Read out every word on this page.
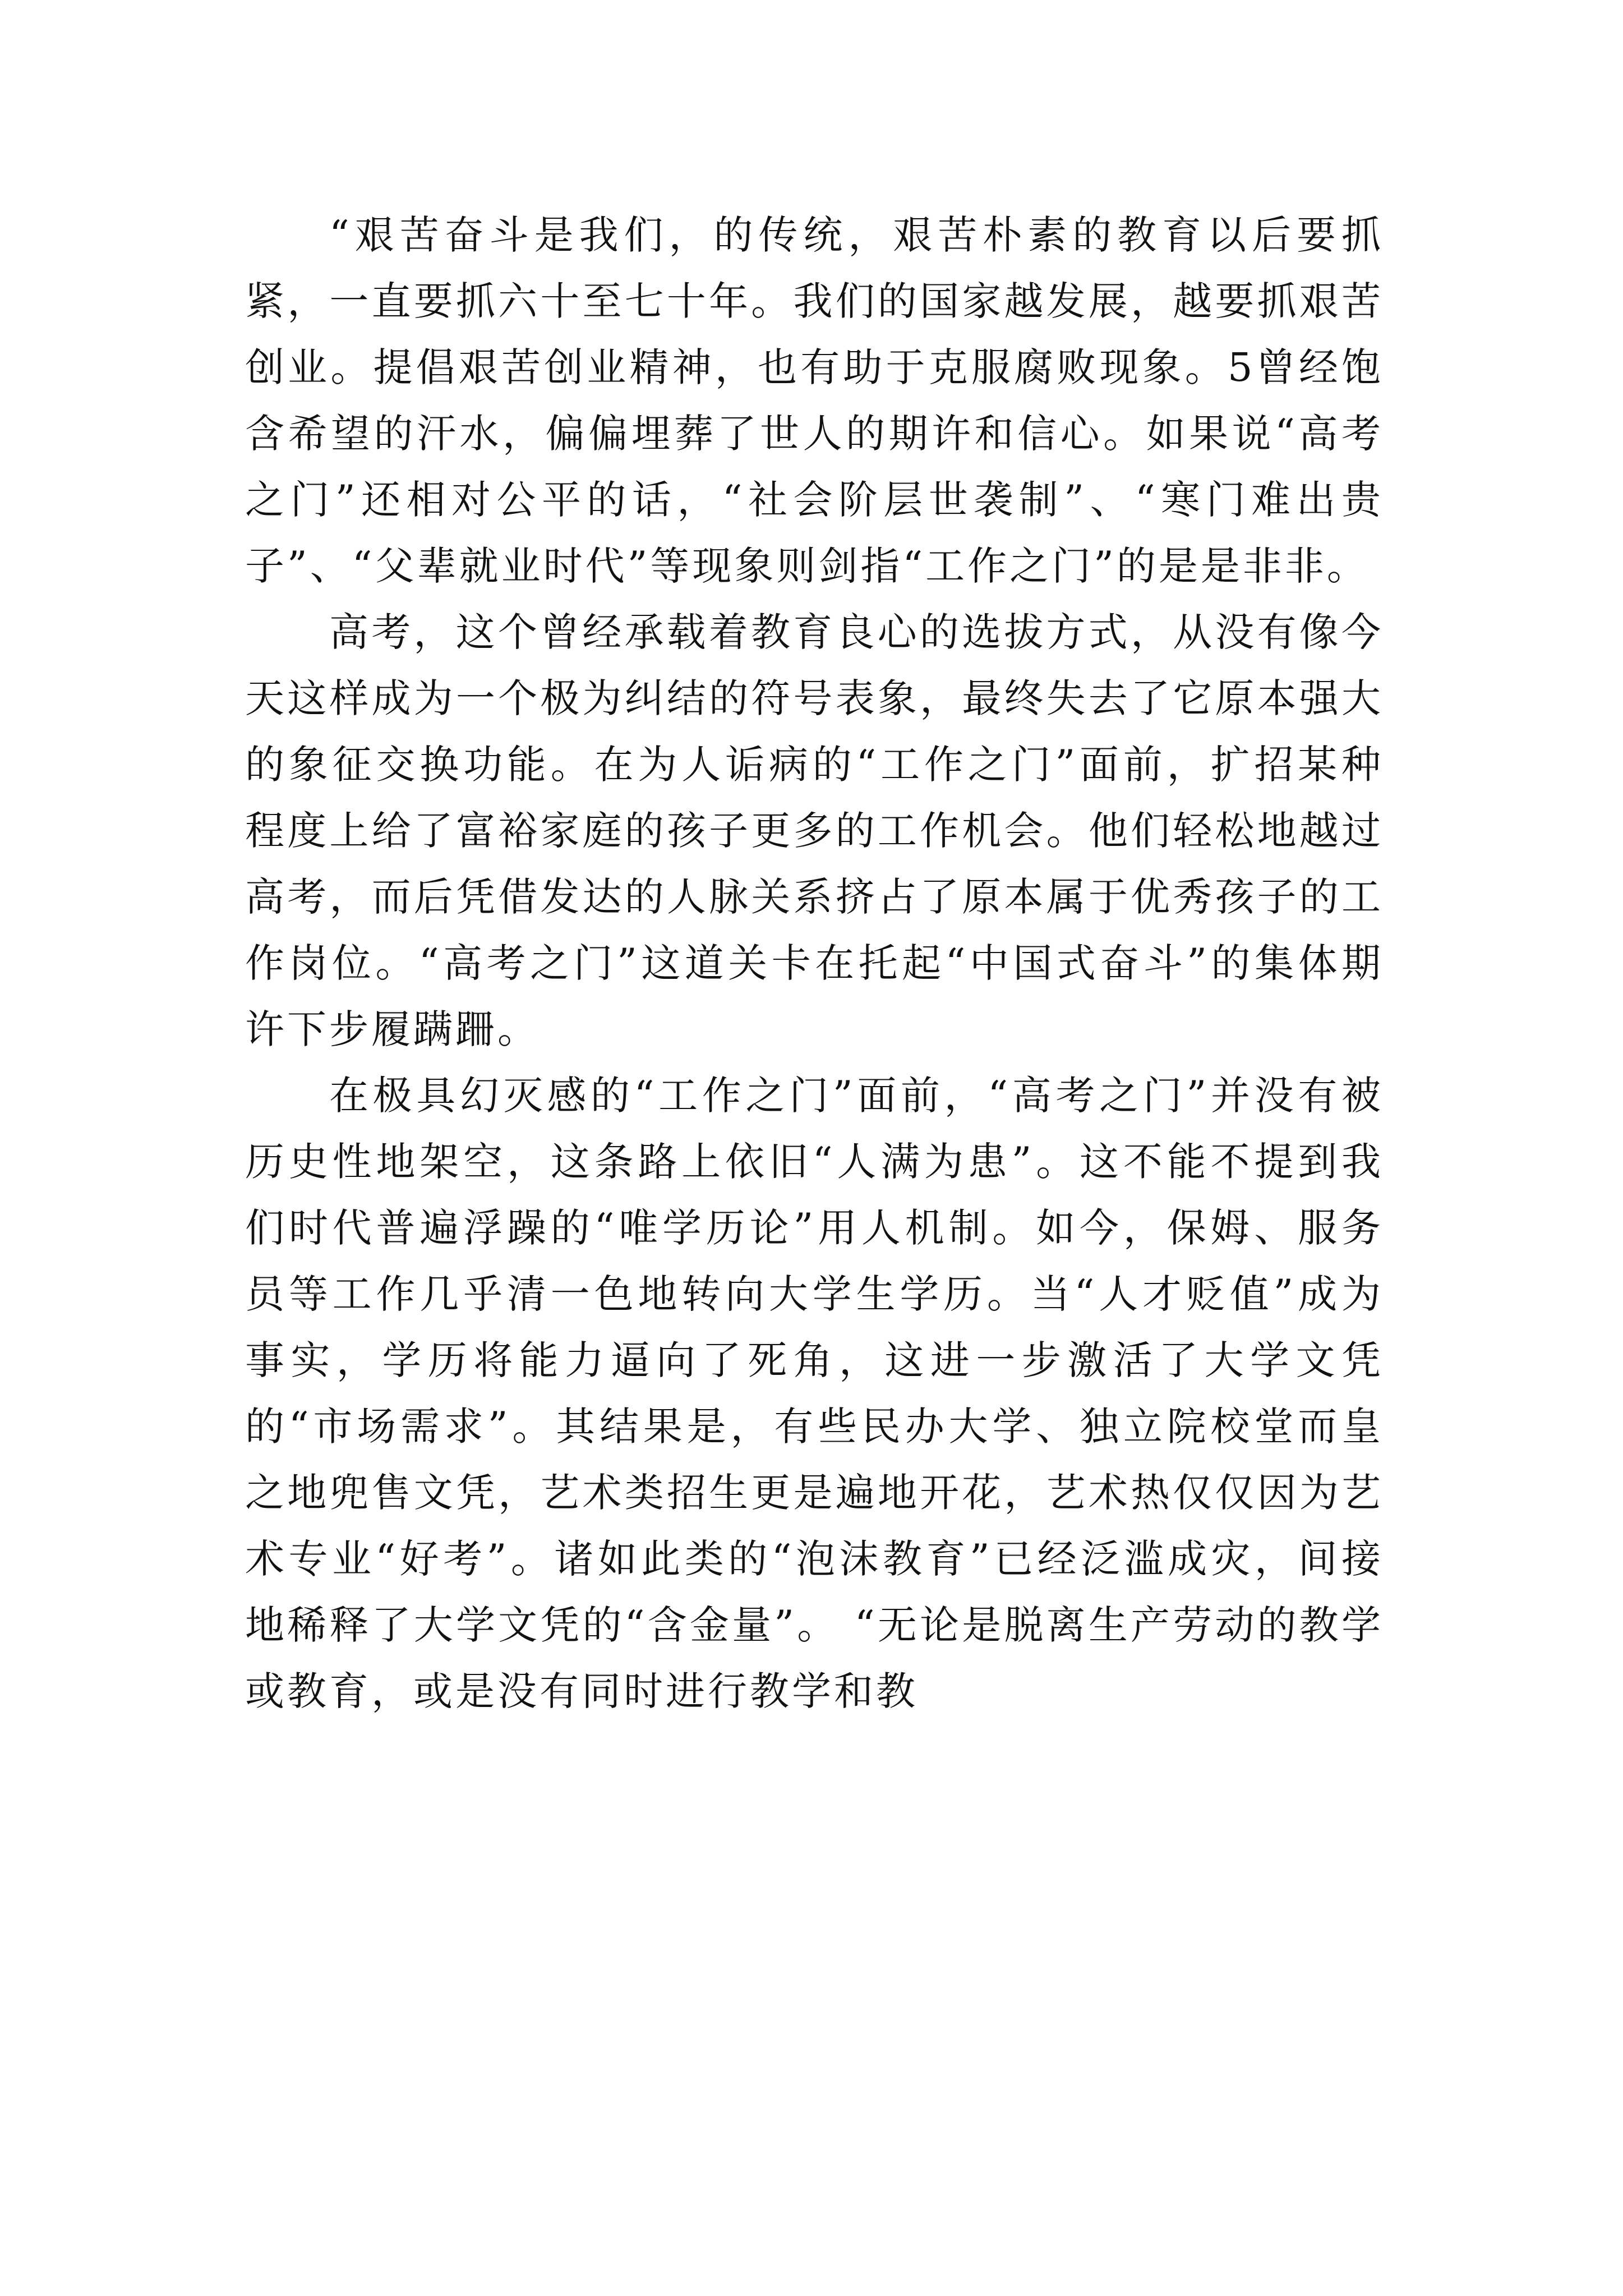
“艰苦奋斗是我们，的传统，艰苦朴素的教育以后要抓紧，一直要抓六十至七十年。我们的国家越发展，越要抓艰苦创业。提倡艰苦创业精神，也有助于克服腐败现象。5曾经饱含希望的汗水，偏偏埋葬了世人的期许和信心。如果说“高考之门”还相对公平的话，“社会阶层世袭制”、“寒门难出贵子”、“父辈就业时代”等现象则剑指“工作之门”的是是非非。

高考，这个曾经承载着教育良心的选拔方式，从没有像今天这样成为一个极为纠结的符号表象，最终失去了它原本强大的象征交换功能。在为人诟病的“工作之门”面前，扩招某种程度上给了富裕家庭的孩子更多的工作机会。他们轻松地越过高考，而后凭借发达的人脉关系挤占了原本属于优秀孩子的工作岗位。“高考之门”这道关卡在托起“中国式奋斗”的集体期许下步履蹒跚。

在极具幻灭感的“工作之门”面前，“高考之门”并没有被历史性地架空，这条路上依旧“人满为患”。这不能不提到我们时代普遍浮躁的“唯学历论”用人机制。如今，保姆、服务员等工作几乎清一色地转向大学生学历。当“人才贬值”成为事实，学历将能力逼向了死角，这进一步激活了大学文凭的“市场需求”。其结果是，有些民办大学、独立院校堂而皇之地兜售文凭，艺术类招生更是遍地开花，艺术热仅仅因为艺术专业“好考”。诸如此类的“泡沫教育”已经泛滥成灾，间接地稀释了大学文凭的“含金量”。 “无论是脱离生产劳动的教学或教育，或是没有同时进行教学和教
